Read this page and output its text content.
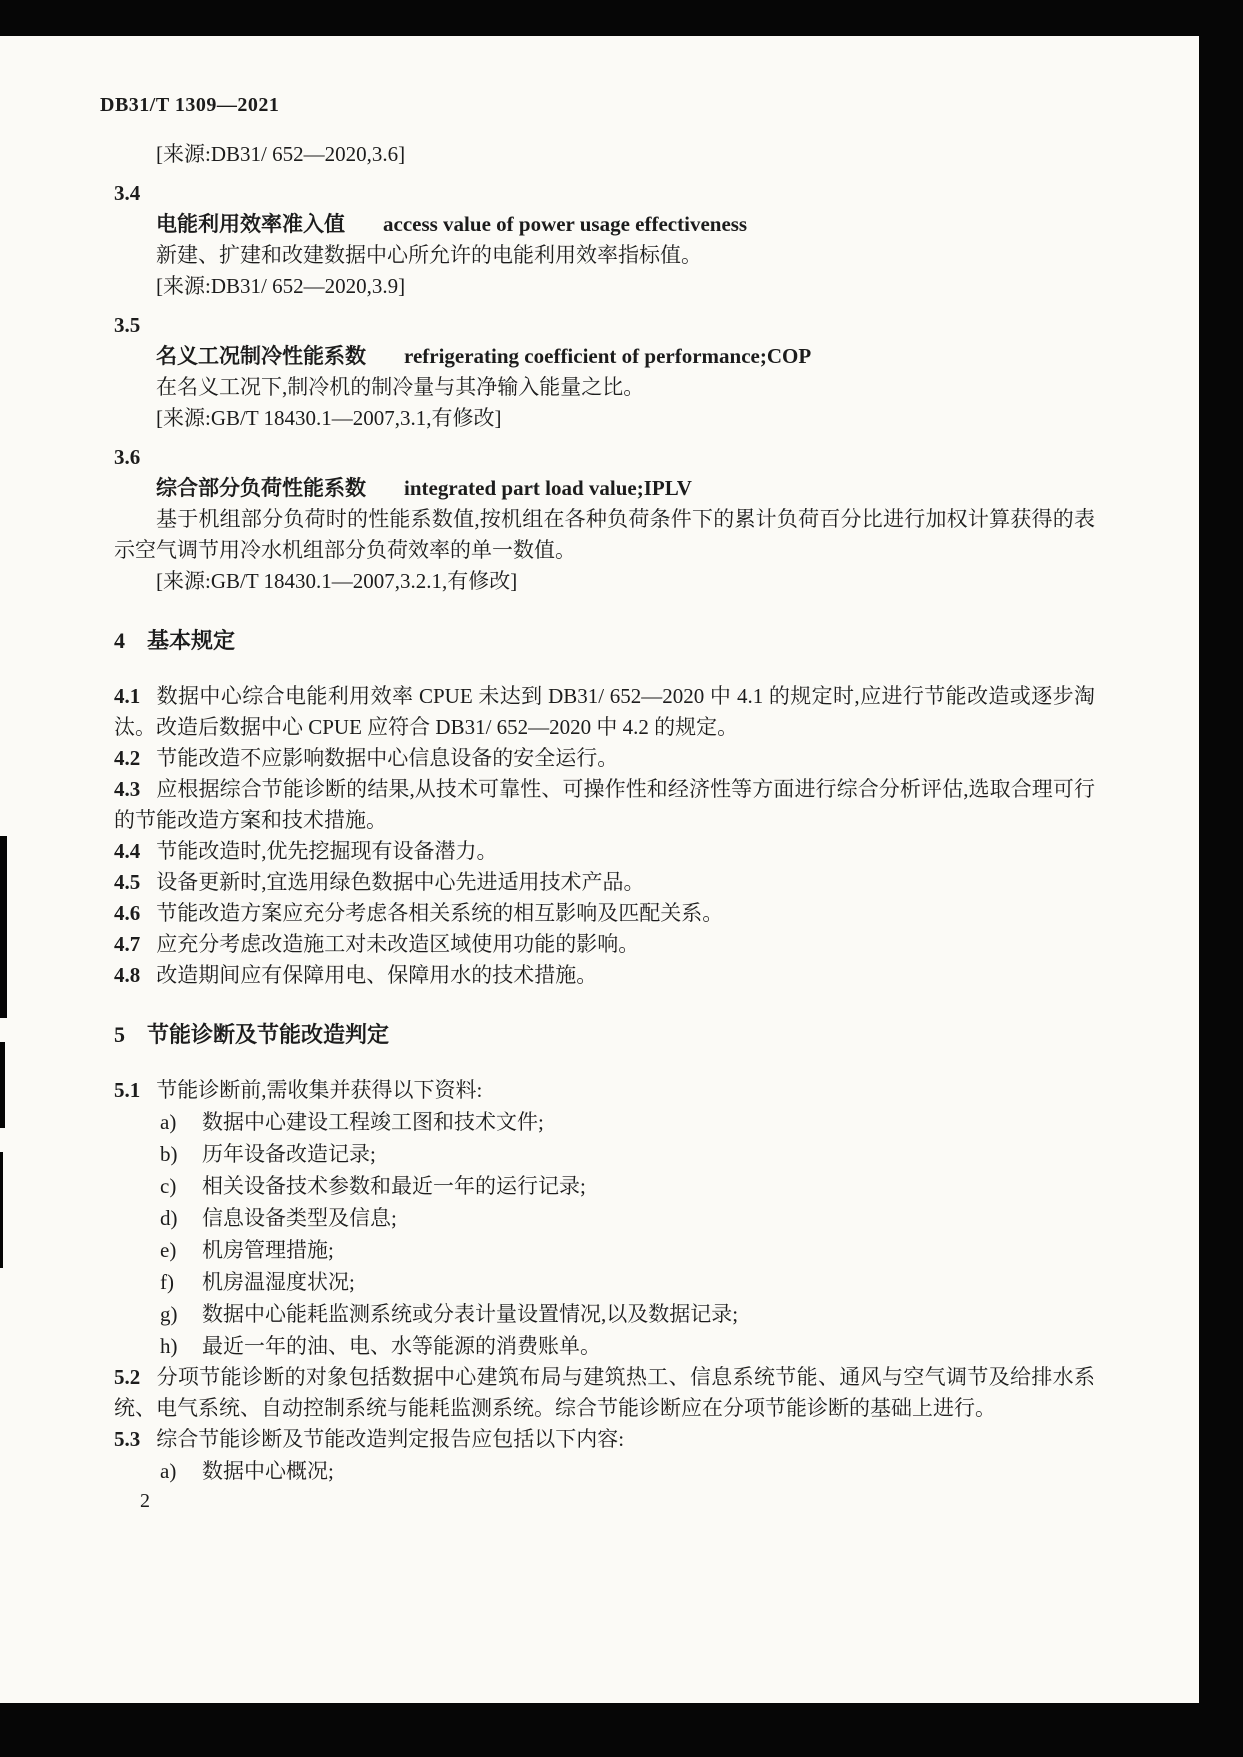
DB31/T 1309—2021
[来源:DB31/ 652—2020,3.6]
3.4
电能利用效率准入值 access value of power usage effectiveness
新建、扩建和改建数据中心所允许的电能利用效率指标值。
[来源:DB31/ 652—2020,3.9]
3.5
名义工况制冷性能系数 refrigerating coefficient of performance;COP
在名义工况下,制冷机的制冷量与其净输入能量之比。
[来源:GB/T 18430.1—2007,3.1,有修改]
3.6
综合部分负荷性能系数 integrated part load value;IPLV
基于机组部分负荷时的性能系数值,按机组在各种负荷条件下的累计负荷百分比进行加权计算获得的表示空气调节用冷水机组部分负荷效率的单一数值。
[来源:GB/T 18430.1—2007,3.2.1,有修改]
4 基本规定
4.1 数据中心综合电能利用效率 CPUE 未达到 DB31/ 652—2020 中 4.1 的规定时,应进行节能改造或逐步淘汰。改造后数据中心 CPUE 应符合 DB31/ 652—2020 中 4.2 的规定。
4.2 节能改造不应影响数据中心信息设备的安全运行。
4.3 应根据综合节能诊断的结果,从技术可靠性、可操作性和经济性等方面进行综合分析评估,选取合理可行的节能改造方案和技术措施。
4.4 节能改造时,优先挖掘现有设备潜力。
4.5 设备更新时,宜选用绿色数据中心先进适用技术产品。
4.6 节能改造方案应充分考虑各相关系统的相互影响及匹配关系。
4.7 应充分考虑改造施工对未改造区域使用功能的影响。
4.8 改造期间应有保障用电、保障用水的技术措施。
5 节能诊断及节能改造判定
5.1 节能诊断前,需收集并获得以下资料:
a) 数据中心建设工程竣工图和技术文件;
b) 历年设备改造记录;
c) 相关设备技术参数和最近一年的运行记录;
d) 信息设备类型及信息;
e) 机房管理措施;
f) 机房温湿度状况;
g) 数据中心能耗监测系统或分表计量设置情况,以及数据记录;
h) 最近一年的油、电、水等能源的消费账单。
5.2 分项节能诊断的对象包括数据中心建筑布局与建筑热工、信息系统节能、通风与空气调节及给排水系统、电气系统、自动控制系统与能耗监测系统。综合节能诊断应在分项节能诊断的基础上进行。
5.3 综合节能诊断及节能改造判定报告应包括以下内容:
a) 数据中心概况;
2
